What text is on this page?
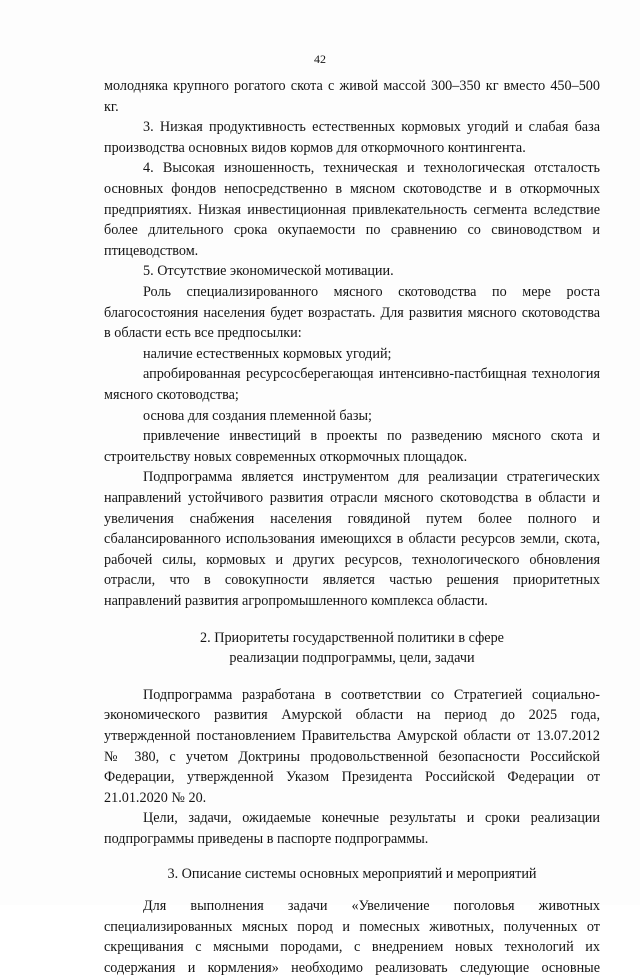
42
молодняка крупного рогатого скота с живой массой 300–350 кг вместо 450–500
кг.
3. Низкая продуктивность естественных кормовых угодий и слабая база
производства основных видов кормов для откормочного контингента.
4. Высокая изношенность, техническая и технологическая отсталость
основных фондов непосредственно в мясном скотоводстве и в откормочных
предприятиях. Низкая инвестиционная привлекательность сегмента вследствие
более длительного срока окупаемости по сравнению со свиноводством и
птицеводством.
5. Отсутствие экономической мотивации.
Роль специализированного мясного скотоводства по мере роста
благосостояния населения будет возрастать. Для развития мясного скотоводства
в области есть все предпосылки:
наличие естественных кормовых угодий;
апробированная ресурсосберегающая интенсивно-пастбищная технология
мясного скотоводства;
основа для создания племенной базы;
привлечение инвестиций в проекты по разведению мясного скота и
строительству новых современных откормочных площадок.
Подпрограмма является инструментом для реализации стратегических
направлений устойчивого развития отрасли мясного скотоводства в области и
увеличения снабжения населения говядиной путем более полного и
сбалансированного использования имеющихся в области ресурсов земли, скота,
рабочей силы, кормовых и других ресурсов, технологического обновления
отрасли, что в совокупности является частью решения приоритетных
направлений развития агропромышленного комплекса области.
2. Приоритеты государственной политики в сфере
реализации подпрограммы, цели, задачи
Подпрограмма разработана в соответствии со Стратегией социально-
экономического развития Амурской области на период до 2025 года,
утвержденной постановлением Правительства Амурской области от 13.07.2012
№ 380, с учетом Доктрины продовольственной безопасности Российской
Федерации, утвержденной Указом Президента Российской Федерации от
21.01.2020 № 20.
Цели, задачи, ожидаемые конечные результаты и сроки реализации
подпрограммы приведены в паспорте подпрограммы.
3. Описание системы основных мероприятий и мероприятий
Для выполнения задачи «Увеличение поголовья животных
специализированных мясных пород и помесных животных, полученных от
скрещивания с мясными породами, с внедрением новых технологий их
содержания и кормления» необходимо реализовать следующие основные
